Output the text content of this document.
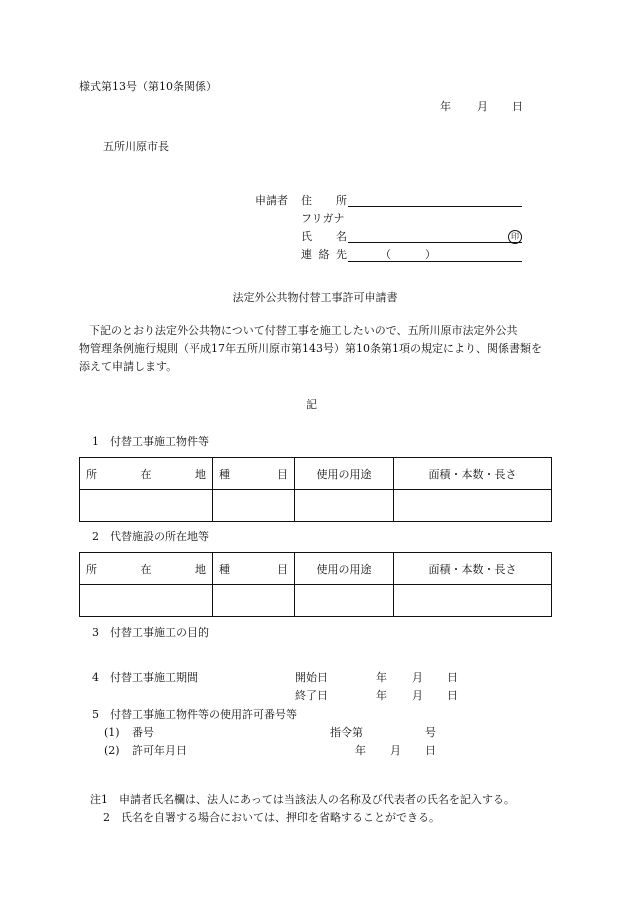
様式第13号（第10条関係）
年 月 日
五所川原市長
申請者 住 所
フリガナ
氏 名	印
連 絡 先	（	）
法定外公共物付替工事許可申請書
下記のとおり法定外公共物について付替工事を施工したいので、五所川原市法定外公共
物管理条例施行規則（平成17年五所川原市第143号）第10条第1項の規定により、関係書類を
添えて申請します。
記
1　付替工事施工物件等
所 在 地	種 目	使用の用途	面積・本数・長さ

2　代替施設の所在地等
所 在 地	種 目	使用の用途	面積・本数・長さ

3　付替工事施工の目的
4　付替工事施工期間	開始日	年 月 日
終了日	年 月 日
5　付替工事施工物件等の使用許可番号等
(1) 番号	指令第	号
(2) 許可年月日	年 月 日
注1　申請者氏名欄は、法人にあっては当該法人の名称及び代表者の氏名を記入する。
2　氏名を自署する場合においては、押印を省略することができる。
